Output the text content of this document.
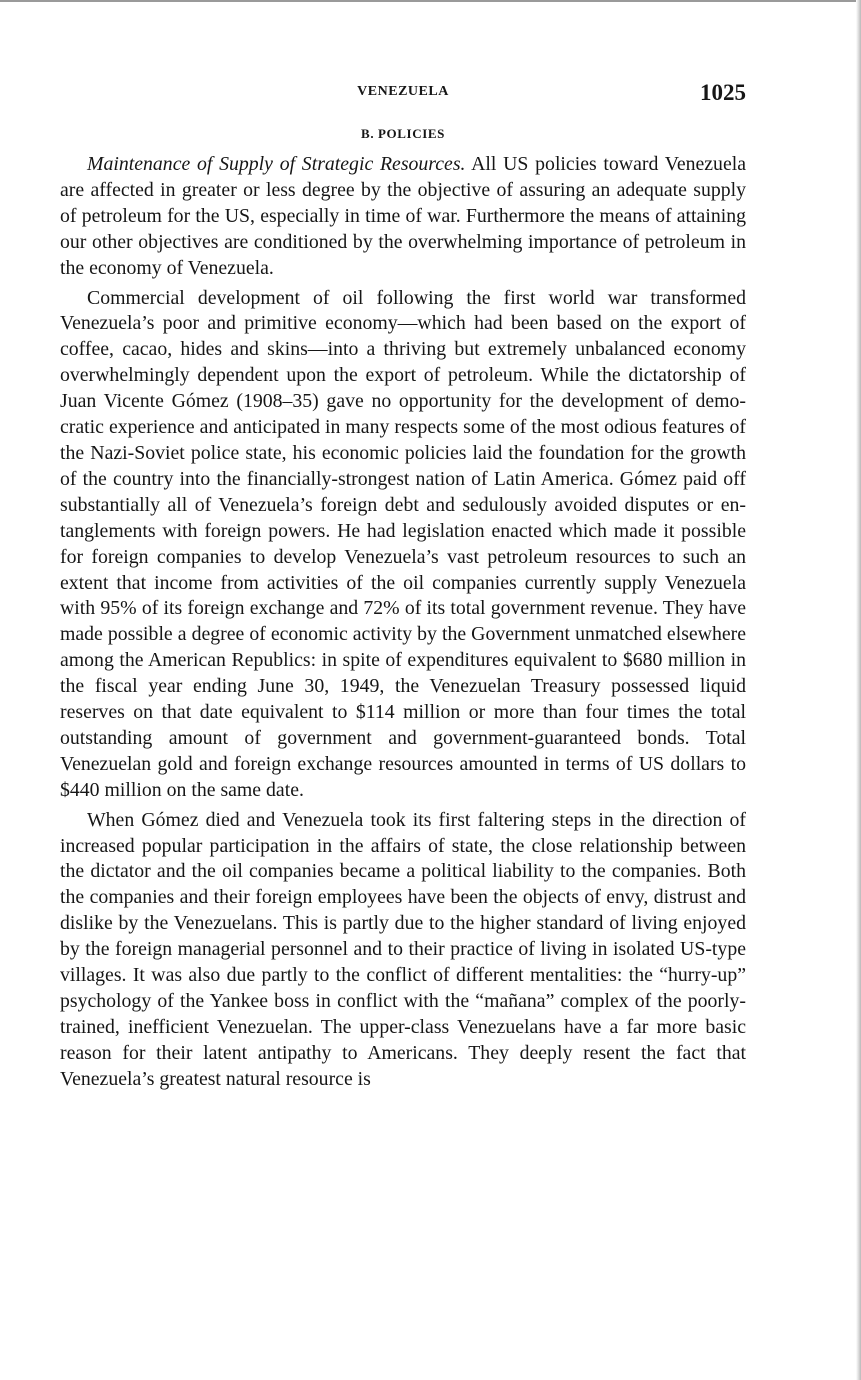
VENEZUELA	1025
B. POLICIES

Maintenance of Supply of Strategic Resources. All US policies toward Venezuela are affected in greater or less degree by the objective of assuring an adequate supply of petroleum for the US, especially in time of war. Furthermore the means of attaining our other objectives are conditioned by the overwhelming importance of petroleum in the economy of Venezuela.

Commercial development of oil following the first world war transformed Venezuela’s poor and primitive economy—which had been based on the export of coffee, cacao, hides and skins—into a thriving but extremely unbalanced economy overwhelmingly dependent upon the export of petroleum. While the dictatorship of Juan Vicente Gómez (1908–35) gave no opportunity for the development of democratic experience and anticipated in many respects some of the most odious features of the Nazi-Soviet police state, his economic policies laid the foundation for the growth of the country into the financially-strongest nation of Latin America. Gómez paid off substantially all of Venezuela’s foreign debt and sedulously avoided disputes or entanglements with foreign powers. He had legislation enacted which made it possible for foreign companies to develop Venezuela’s vast petroleum resources to such an extent that income from activities of the oil companies currently supply Venezuela with 95% of its foreign exchange and 72% of its total government revenue. They have made possible a degree of economic activity by the Government unmatched elsewhere among the American Republics: in spite of expenditures equivalent to $680 million in the fiscal year ending June 30, 1949, the Venezuelan Treasury possessed liquid reserves on that date equivalent to $114 million or more than four times the total outstanding amount of government and government-guaranteed bonds. Total Venezuelan gold and foreign exchange resources amounted in terms of US dollars to $440 million on the same date.

When Gómez died and Venezuela took its first faltering steps in the direction of increased popular participation in the affairs of state, the close relationship between the dictator and the oil companies became a political liability to the companies. Both the companies and their foreign employees have been the objects of envy, distrust and dislike by the Venezuelans. This is partly due to the higher standard of living enjoyed by the foreign managerial personnel and to their practice of living in isolated US-type villages. It was also due partly to the conflict of different mentalities: the “hurry-up” psychology of the Yankee boss in conflict with the “mañana” complex of the poorly-trained, inefficient Venezuelan. The upper-class Venezuelans have a far more basic reason for their latent antipathy to Americans. They deeply resent the fact that Venezuela’s greatest natural resource is
